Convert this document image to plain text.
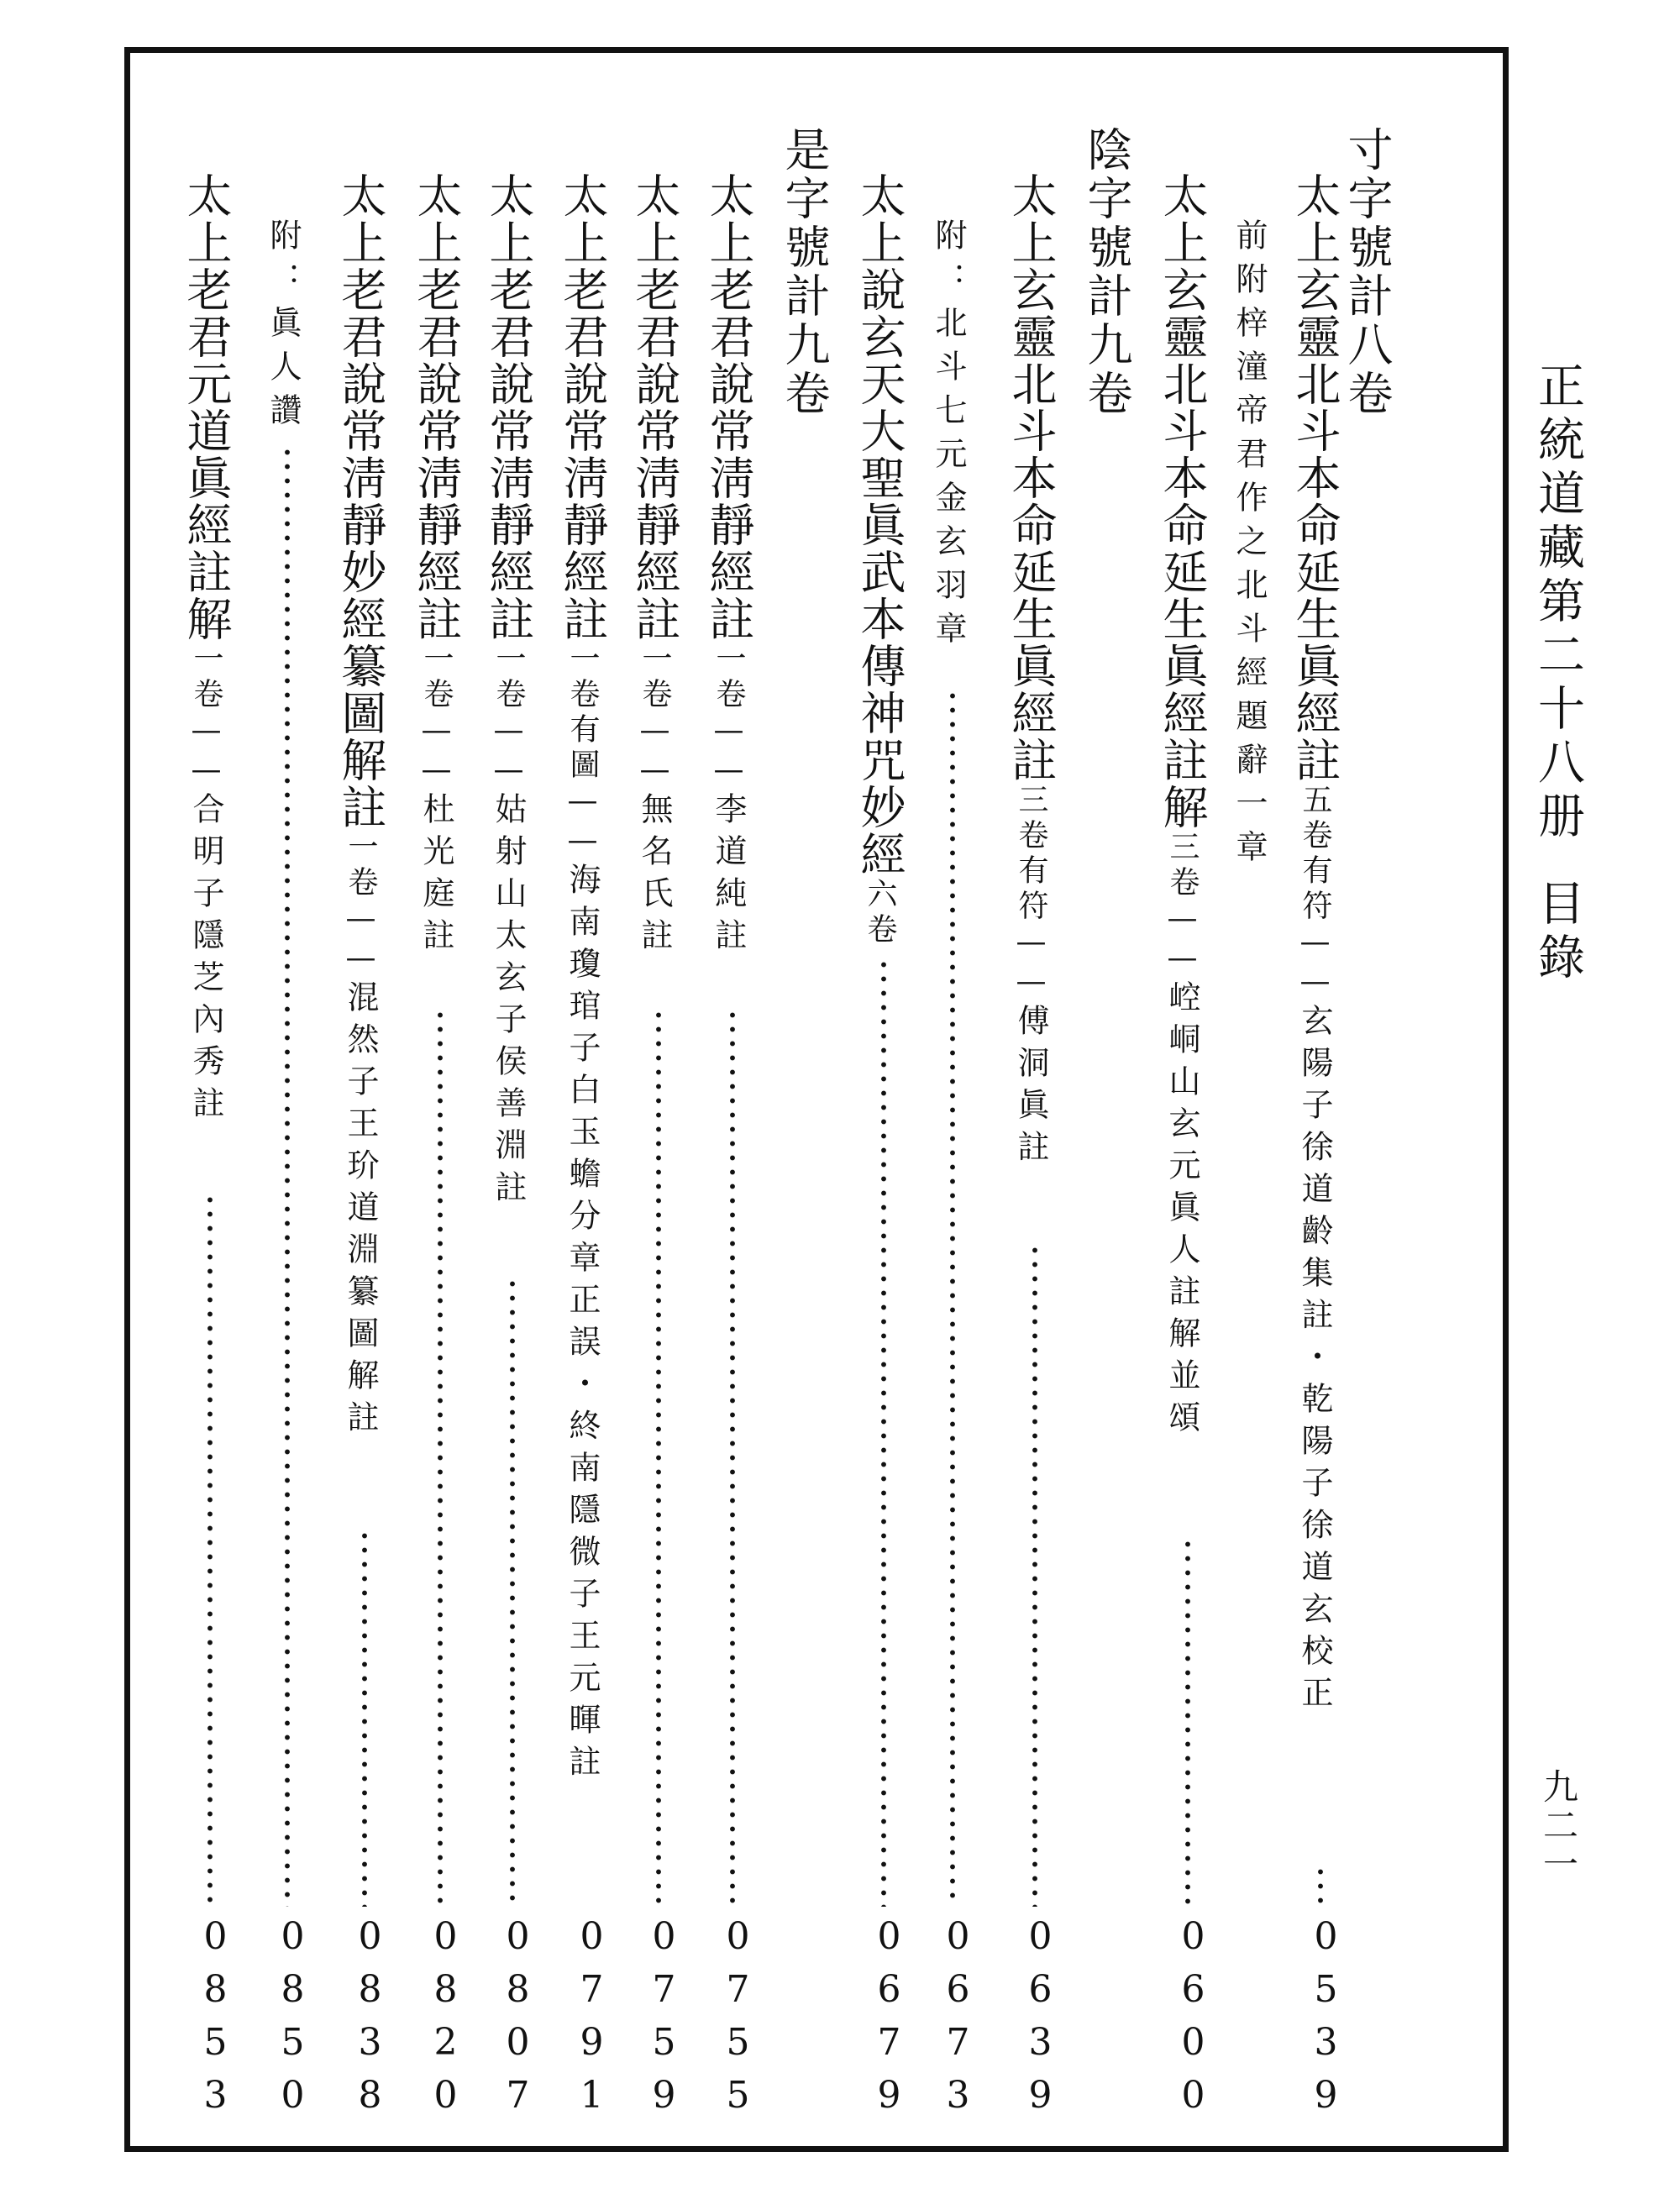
正統道藏第二十八册目錄
九二一
寸字號計八卷
太上玄靈北斗本命延生眞經註五卷有符——玄陽子徐道齡集註・乾陽子徐道玄校正
0539
前附梓潼帝君作之北斗經題辭一章
太上玄靈北斗本命延生眞經註解三卷——崆峒山玄元眞人註解並頌
0600
陰字號計九卷
太上玄靈北斗本命延生眞經註三卷有符——傅洞眞註
0639
附：北斗七元金玄羽章
0673
太上說玄天大聖眞武本傳神咒妙經六卷
0679
是字號計九卷
太上老君說常淸靜經註一卷——李道純註
0755
太上老君說常淸靜經註一卷——無名氏註
0759
太上老君說常淸靜經註一卷有圖——海南瓊琯子白玉蟾分章正誤・終南隱微子王元暉註
0791
太上老君說常淸靜經註一卷——姑射山太玄子侯善淵註
0807
太上老君說常淸靜經註一卷——杜光庭註
0820
太上老君說常淸靜妙經纂圖解註一卷——混然子王玠道淵纂圖解註
0838
附：眞人讚
0850
太上老君元道眞經註解一卷——合明子隱芝內秀註
0853
